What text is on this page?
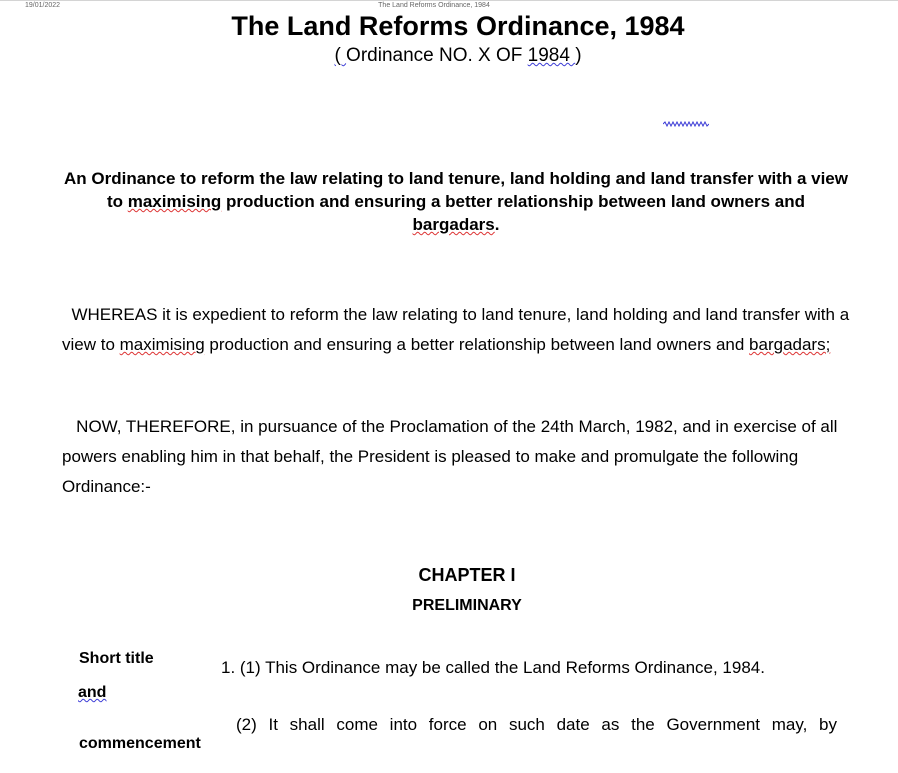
19/01/2022	The Land Reforms Ordinance, 1984
The Land Reforms Ordinance, 1984
( Ordinance NO. X OF 1984 )
An Ordinance to reform the law relating to land tenure, land holding and land transfer with a view to maximising production and ensuring a better relationship between land owners and bargadars.
WHEREAS it is expedient to reform the law relating to land tenure, land holding and land transfer with a view to maximising production and ensuring a better relationship between land owners and bargadars;
NOW, THEREFORE, in pursuance of the Proclamation of the 24th March, 1982, and in exercise of all powers enabling him in that behalf, the President is pleased to make and promulgate the following Ordinance:-
CHAPTER I
PRELIMINARY
Short title
and
commencement
1. (1) This Ordinance may be called the Land Reforms Ordinance, 1984.
(2) It shall come into force on such date as the Government may, by
